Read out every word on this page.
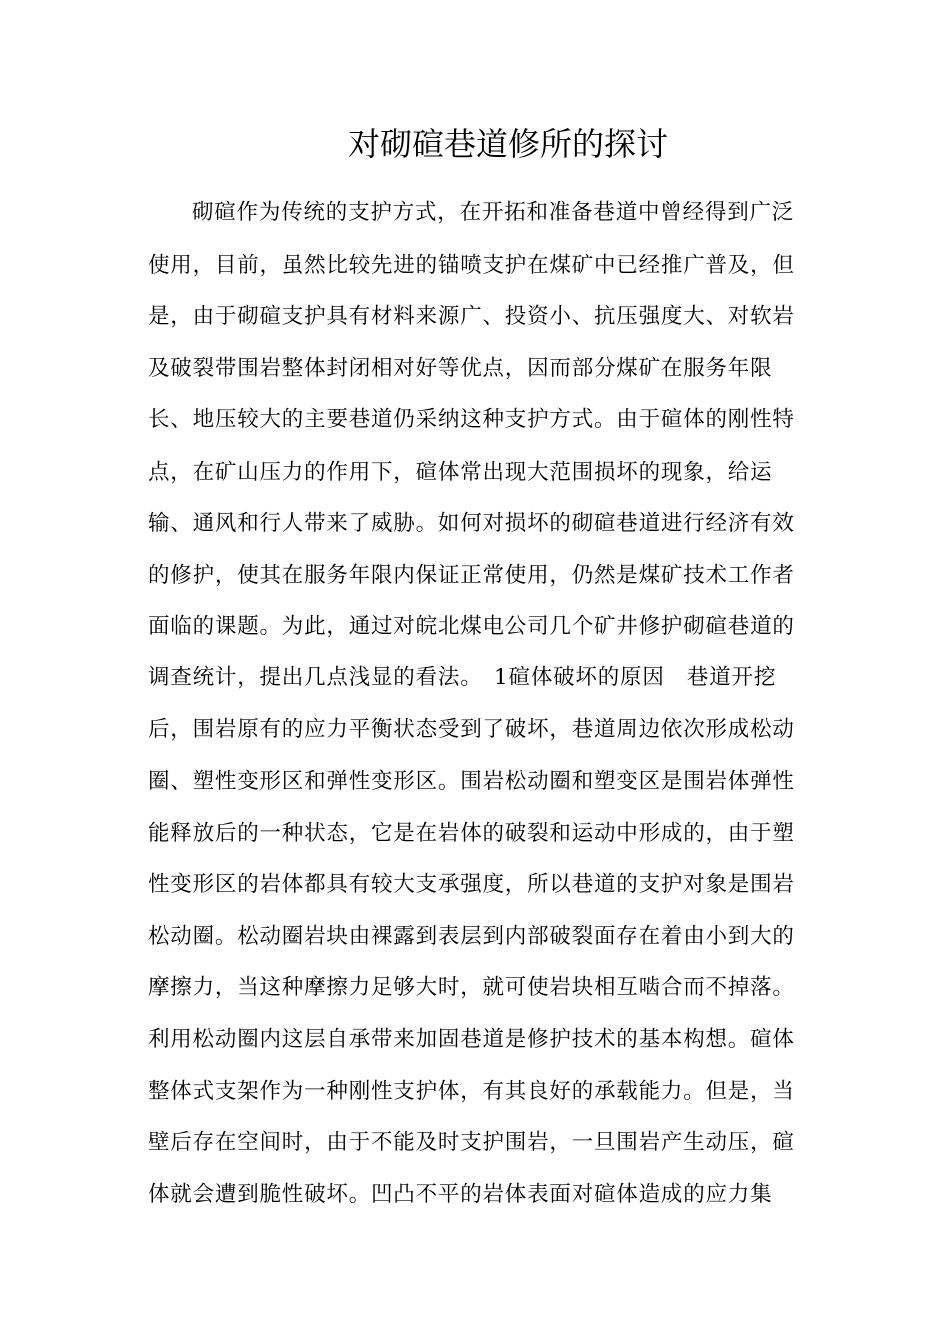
对砌碹巷道修所的探讨
砌碹作为传统的支护方式，在开拓和准备巷道中曾经得到广泛
使用，目前，虽然比较先进的锚喷支护在煤矿中已经推广普及，但
是，由于砌碹支护具有材料来源广、投资小、抗压强度大、对软岩
及破裂带围岩整体封闭相对好等优点，因而部分煤矿在服务年限
长、地压较大的主要巷道仍采纳这种支护方式。由于碹体的刚性特
点，在矿山压力的作用下，碹体常出现大范围损坏的现象，给运
输、通风和行人带来了威胁。如何对损坏的砌碹巷道进行经济有效
的修护，使其在服务年限内保证正常使用，仍然是煤矿技术工作者
面临的课题。为此，通过对皖北煤电公司几个矿井修护砌碹巷道的
调查统计，提出几点浅显的看法。　1碹体破坏的原因　巷道开挖
后，围岩原有的应力平衡状态受到了破坏，巷道周边依次形成松动
圈、塑性变形区和弹性变形区。围岩松动圈和塑变区是围岩体弹性
能释放后的一种状态，它是在岩体的破裂和运动中形成的，由于塑
性变形区的岩体都具有较大支承强度，所以巷道的支护对象是围岩
松动圈。松动圈岩块由裸露到表层到内部破裂面存在着由小到大的
摩擦力，当这种摩擦力足够大时，就可使岩块相互啮合而不掉落。
利用松动圈内这层自承带来加固巷道是修护技术的基本构想。碹体
整体式支架作为一种刚性支护体，有其良好的承载能力。但是，当
壁后存在空间时，由于不能及时支护围岩，一旦围岩产生动压，碹
体就会遭到脆性破坏。凹凸不平的岩体表面对碹体造成的应力集
